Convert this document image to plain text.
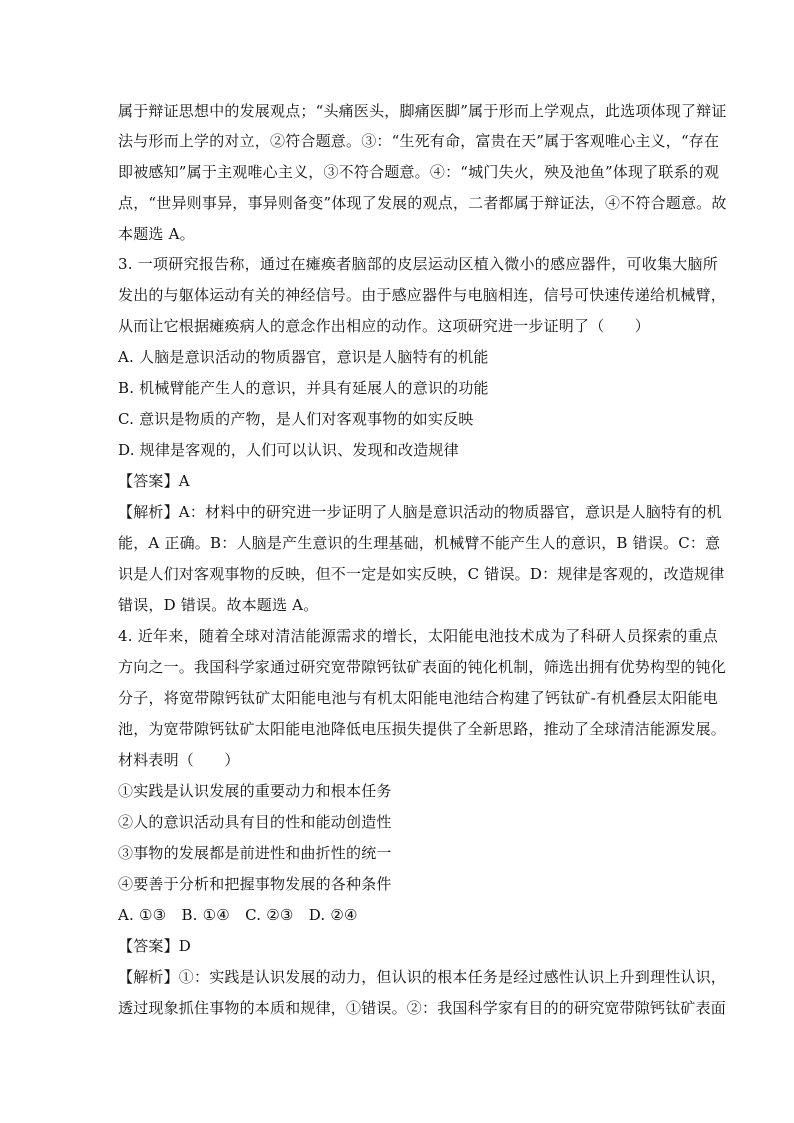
属于辩证思想中的发展观点；“头痛医头，脚痛医脚”属于形而上学观点，此选项体现了辩证
法与形而上学的对立，②符合题意。③：“生死有命，富贵在天”属于客观唯心主义，“存在
即被感知”属于主观唯心主义，③不符合题意。④：“城门失火，殃及池鱼”体现了联系的观
点，“世异则事异，事异则备变”体现了发展的观点，二者都属于辩证法，④不符合题意。故
本题选 A。
3. 一项研究报告称，通过在瘫痪者脑部的皮层运动区植入微小的感应器件，可收集大脑所
发出的与躯体运动有关的神经信号。由于感应器件与电脑相连，信号可快速传递给机械臂，
从而让它根据瘫痪病人的意念作出相应的动作。这项研究进一步证明了（　　）
A. 人脑是意识活动的物质器官，意识是人脑特有的机能
B. 机械臂能产生人的意识，并具有延展人的意识的功能
C. 意识是物质的产物，是人们对客观事物的如实反映
D. 规律是客观的，人们可以认识、发现和改造规律
【答案】A
【解析】A：材料中的研究进一步证明了人脑是意识活动的物质器官，意识是人脑特有的机
能，A 正确。B：人脑是产生意识的生理基础，机械臂不能产生人的意识，B 错误。C：意
识是人们对客观事物的反映，但不一定是如实反映，C 错误。D：规律是客观的，改造规律
错误，D 错误。故本题选 A。
4. 近年来，随着全球对清洁能源需求的增长，太阳能电池技术成为了科研人员探索的重点
方向之一。我国科学家通过研究宽带隙钙钛矿表面的钝化机制，筛选出拥有优势构型的钝化
分子，将宽带隙钙钛矿太阳能电池与有机太阳能电池结合构建了钙钛矿-有机叠层太阳能电
池，为宽带隙钙钛矿太阳能电池降低电压损失提供了全新思路，推动了全球清洁能源发展。
材料表明（　　）
①实践是认识发展的重要动力和根本任务
②人的意识活动具有目的性和能动创造性
③事物的发展都是前进性和曲折性的统一
④要善于分析和把握事物发展的各种条件
A. ①③　B. ①④　C. ②③　D. ②④
【答案】D
【解析】①：实践是认识发展的动力，但认识的根本任务是经过感性认识上升到理性认识，
透过现象抓住事物的本质和规律，①错误。②：我国科学家有目的的研究宽带隙钙钛矿表面
